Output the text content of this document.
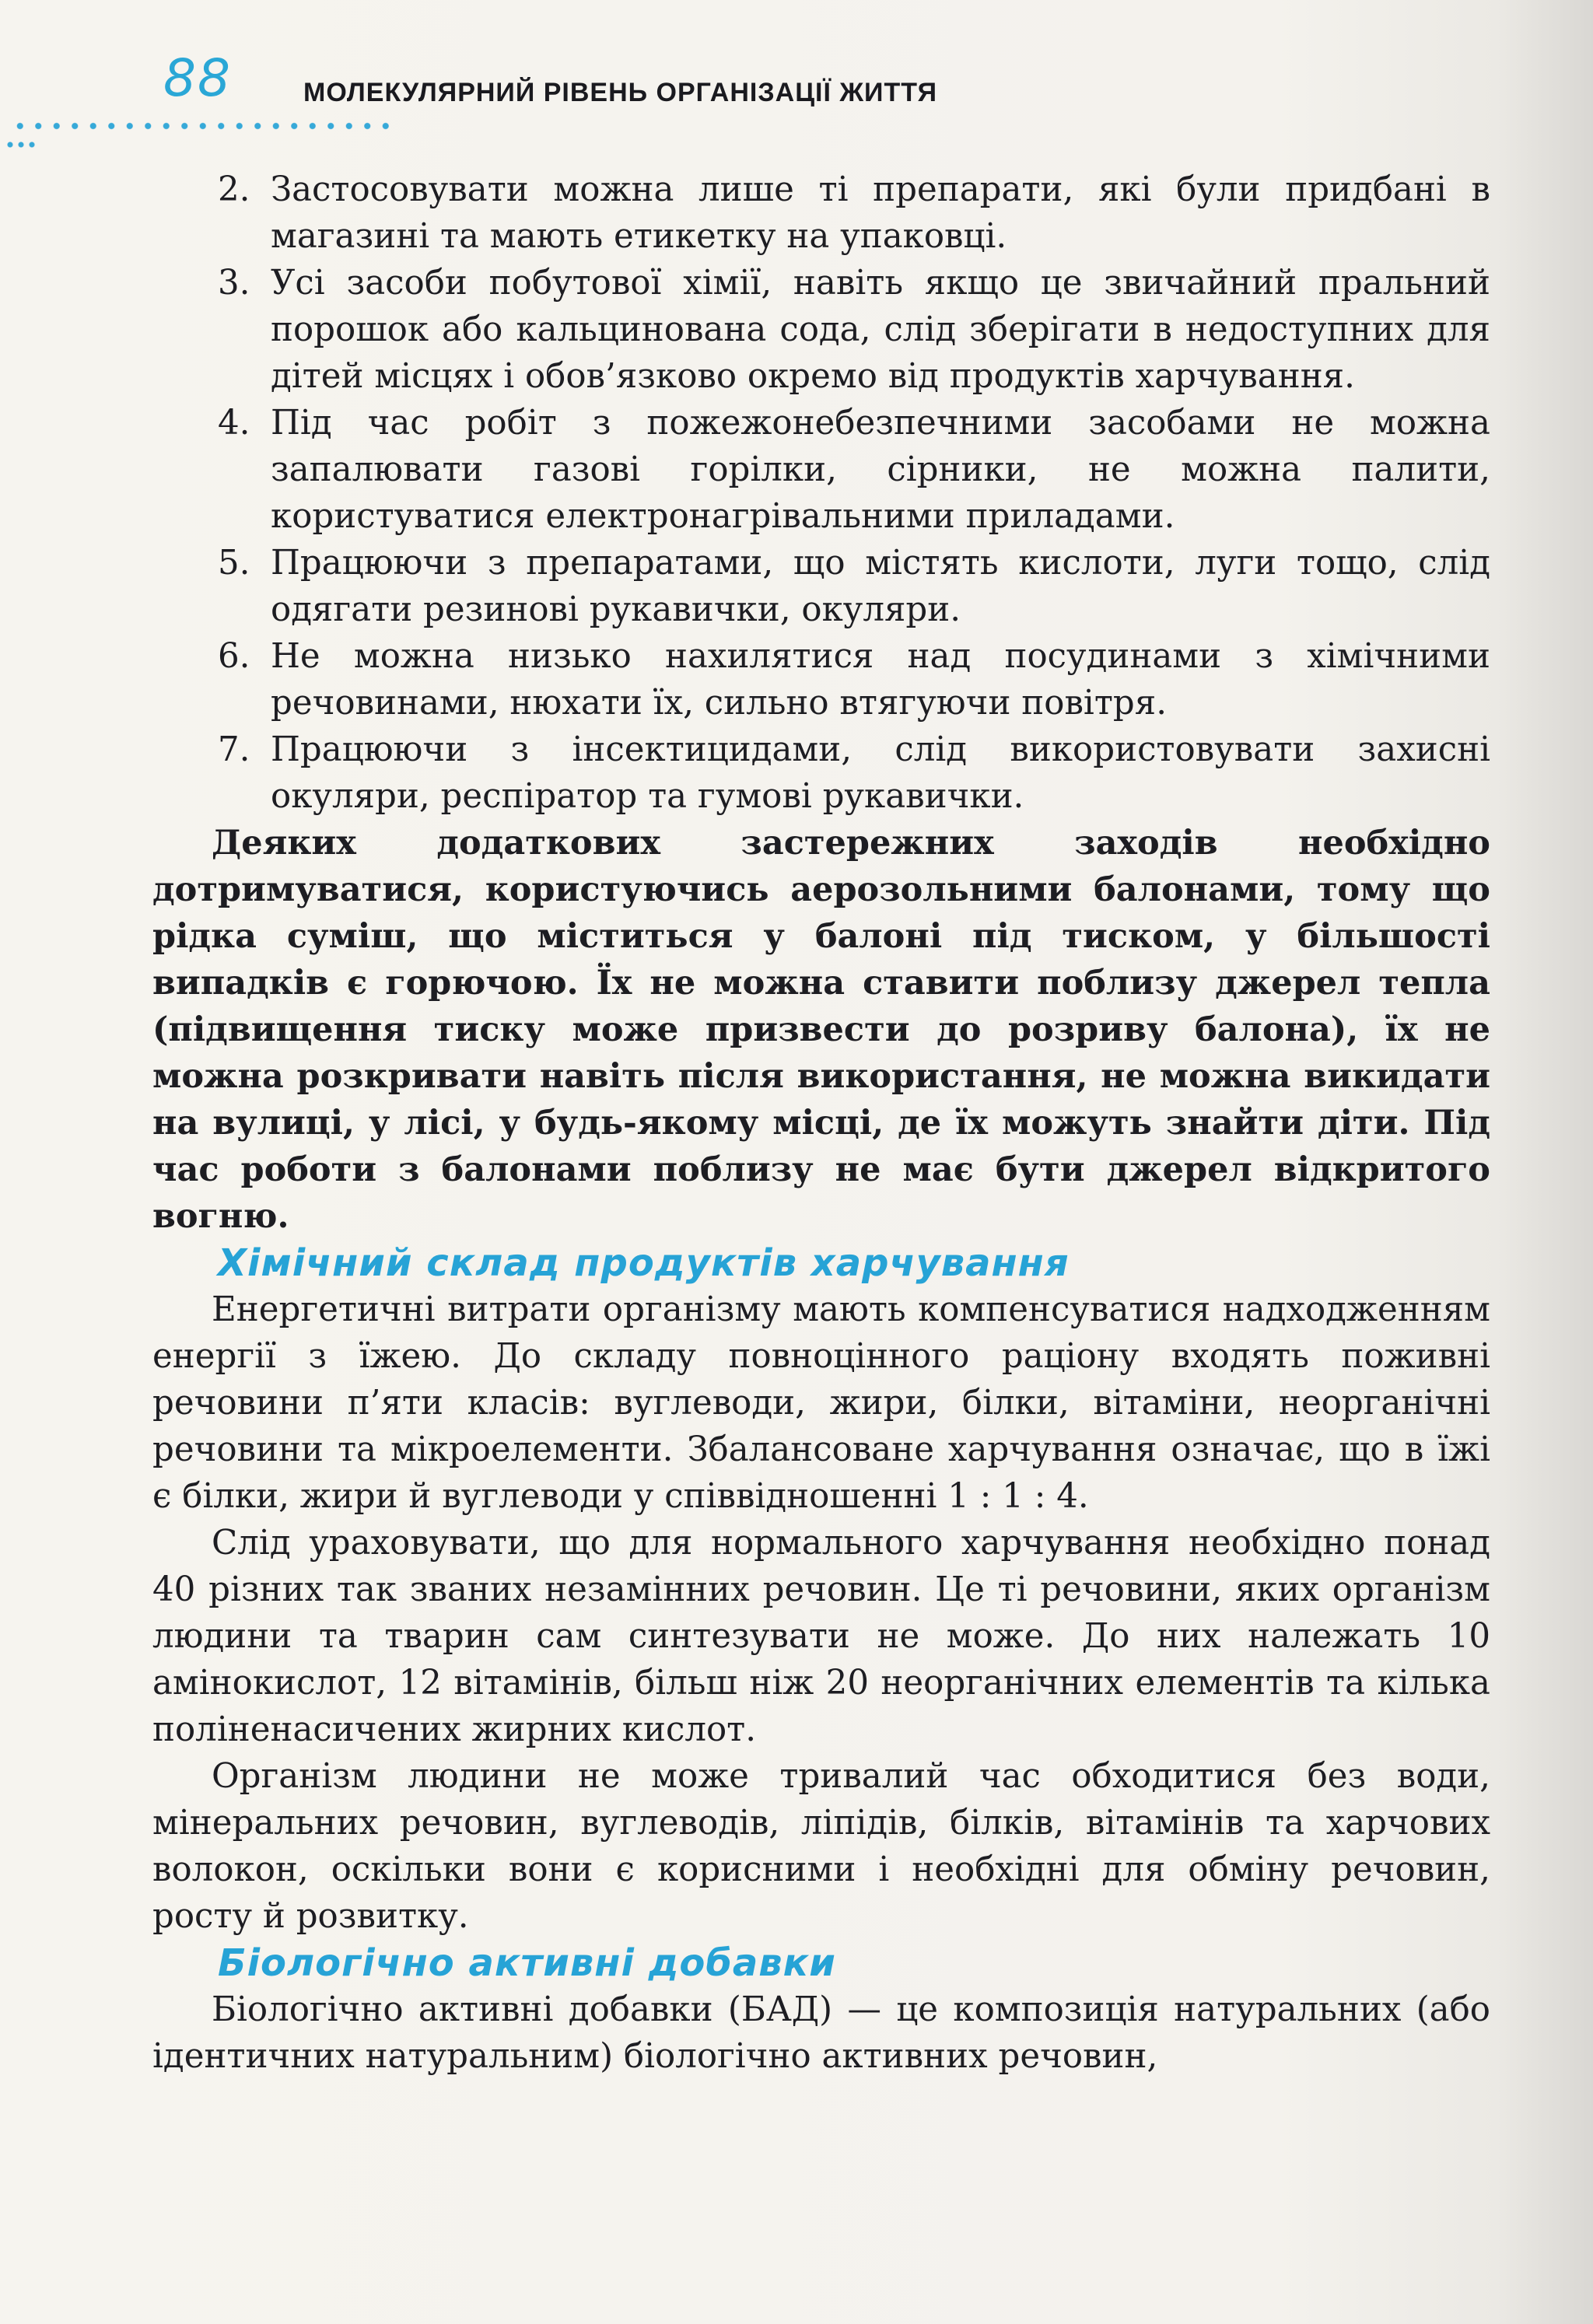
88	МОЛЕКУЛЯРНИЙ РІВЕНЬ ОРГАНІЗАЦІЇ ЖИТТЯ
2. Застосовувати можна лише ті препарати, які були придбані в магазині та мають етикетку на упаковці.
3. Усі засоби побутової хімії, навіть якщо це звичайний пральний порошок або кальцинована сода, слід зберігати в недоступних для дітей місцях і обов’язково окремо від продуктів харчування.
4. Під час робіт з пожежонебезпечними засобами не можна запалювати газові горілки, сірники, не можна палити, користуватися електронагрівальними приладами.
5. Працюючи з препаратами, що містять кислоти, луги тощо, слід одягати резинові рукавички, окуляри.
6. Не можна низько нахилятися над посудинами з хімічними речовинами, нюхати їх, сильно втягуючи повітря.
7. Працюючи з інсектицидами, слід використовувати захисні окуляри, респіратор та гумові рукавички.

Деяких додаткових застережних заходів необхідно дотримуватися, користуючись аерозольними балонами, тому що рідка суміш, що міститься у балоні під тиском, у більшості випадків є горючою. Їх не можна ставити поблизу джерел тепла (підвищення тиску може призвести до розриву балона), їх не можна розкривати навіть після використання, не можна викидати на вулиці, у лісі, у будь-якому місці, де їх можуть знайти діти. Під час роботи з балонами поблизу не має бути джерел відкритого вогню.

Хімічний склад продуктів харчування

Енергетичні витрати організму мають компенсуватися надходженням енергії з їжею. До складу повноцінного раціону входять поживні речовини п’яти класів: вуглеводи, жири, білки, вітаміни, неорганічні речовини та мікроелементи. Збалансоване харчування означає, що в їжі є білки, жири й вуглеводи у співвідношенні 1 : 1 : 4.

Слід ураховувати, що для нормального харчування необхідно понад 40 різних так званих незамінних речовин. Це ті речовини, яких організм людини та тварин сам синтезувати не може. До них належать 10 амінокислот, 12 вітамінів, більш ніж 20 неорганічних елементів та кілька поліненасичених жирних кислот.

Організм людини не може тривалий час обходитися без води, мінеральних речовин, вуглеводів, ліпідів, білків, вітамінів та харчових волокон, оскільки вони є корисними і необхідні для обміну речовин, росту й розвитку.

Біологічно активні добавки

Біологічно активні добавки (БАД) — це композиція натуральних (або ідентичних натуральним) біологічно активних речовин,
